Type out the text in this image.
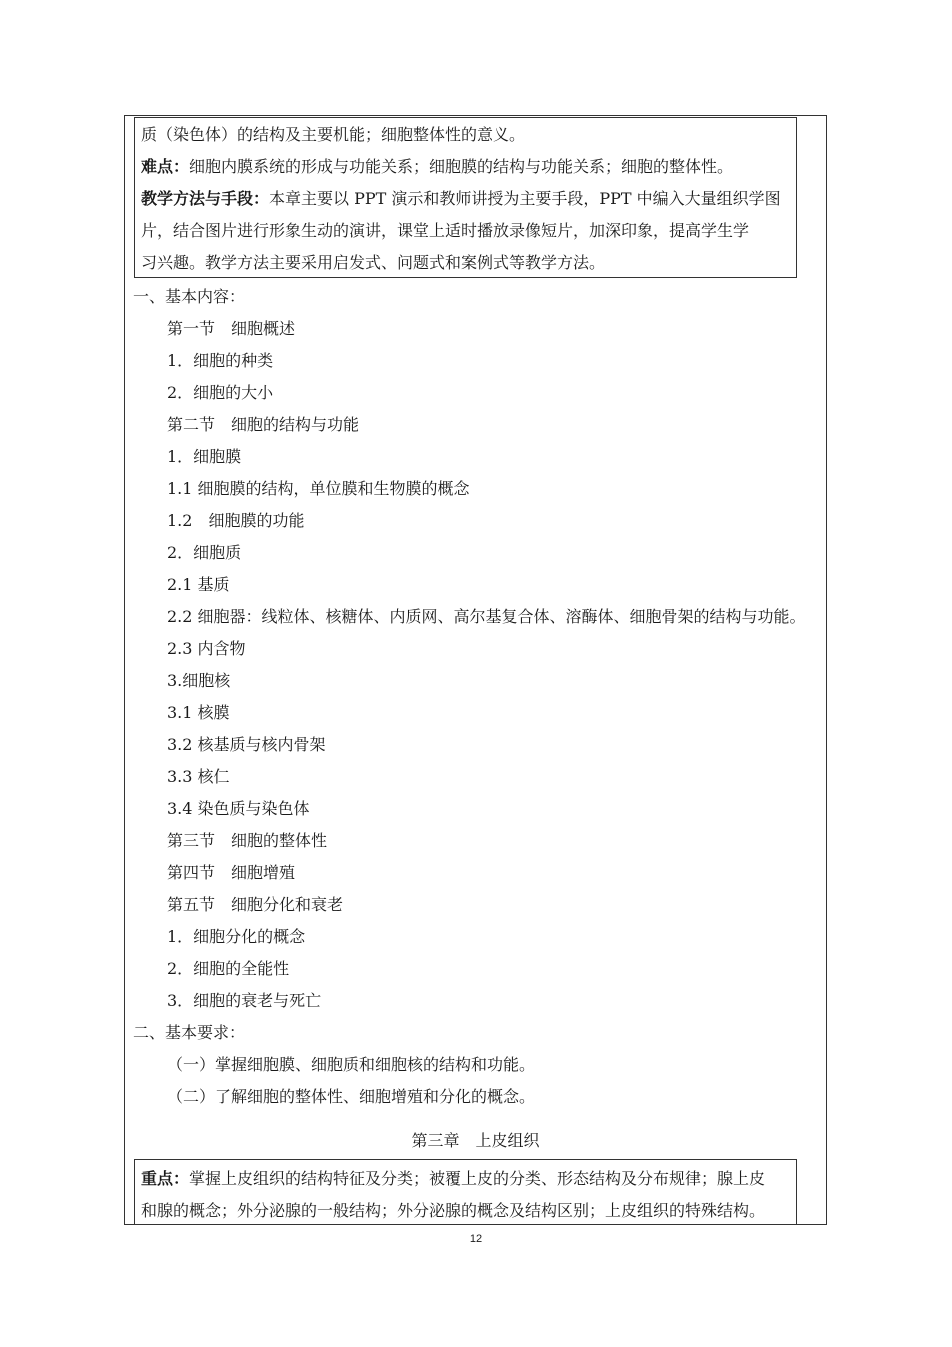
质（染色体）的结构及主要机能；细胞整体性的意义。
难点：细胞内膜系统的形成与功能关系；细胞膜的结构与功能关系；细胞的整体性。
教学方法与手段：本章主要以 PPT 演示和教师讲授为主要手段，PPT 中编入大量组织学图
片，结合图片进行形象生动的演讲，课堂上适时播放录像短片，加深印象，提高学生学
习兴趣。教学方法主要采用启发式、问题式和案例式等教学方法。
一、基本内容：
第一节　细胞概述
1．细胞的种类
2．细胞的大小
第二节　细胞的结构与功能
1．细胞膜
1.1 细胞膜的结构，单位膜和生物膜的概念
1.2　细胞膜的功能
2．细胞质
2.1 基质
2.2 细胞器：线粒体、核糖体、内质网、高尔基复合体、溶酶体、细胞骨架的结构与功能。
2.3 内含物
3.细胞核
3.1 核膜
3.2 核基质与核内骨架
3.3 核仁
3.4 染色质与染色体
第三节　细胞的整体性
第四节　细胞增殖
第五节　细胞分化和衰老
1．细胞分化的概念
2．细胞的全能性
3．细胞的衰老与死亡
二、基本要求：
（一）掌握细胞膜、细胞质和细胞核的结构和功能。
（二）了解细胞的整体性、细胞增殖和分化的概念。
第三章　上皮组织
重点：掌握上皮组织的结构特征及分类；被覆上皮的分类、形态结构及分布规律；腺上皮
和腺的概念；外分泌腺的一般结构；外分泌腺的概念及结构区别；上皮组织的特殊结构。
12
